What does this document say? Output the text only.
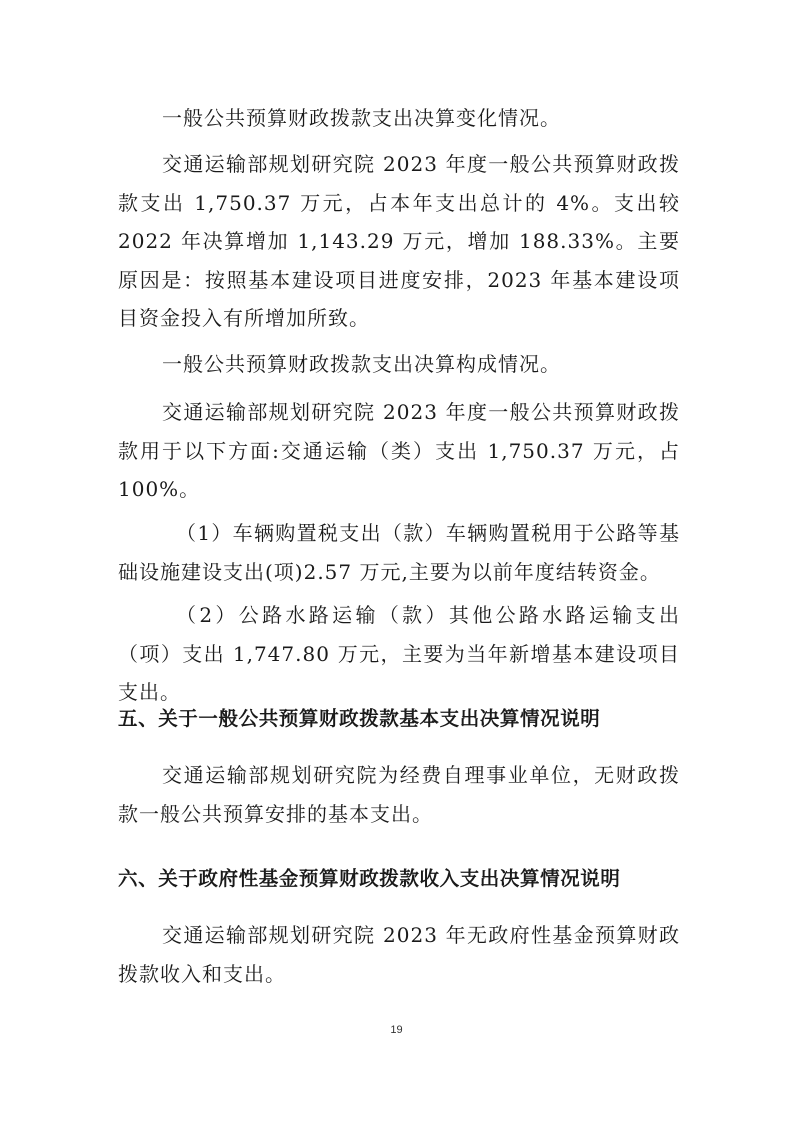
一般公共预算财政拨款支出决算变化情况。

交通运输部规划研究院 2023 年度一般公共预算财政拨款支出 1,750.37 万元，占本年支出总计的 4%。支出较 2022 年决算增加 1,143.29 万元，增加 188.33%。主要原因是：按照基本建设项目进度安排，2023 年基本建设项目资金投入有所增加所致。

一般公共预算财政拨款支出决算构成情况。

交通运输部规划研究院 2023 年度一般公共预算财政拨款用于以下方面:交通运输（类）支出 1,750.37 万元，占 100%。

（1）车辆购置税支出（款）车辆购置税用于公路等基础设施建设支出(项)2.57 万元,主要为以前年度结转资金。

（2）公路水路运输（款）其他公路水路运输支出（项）支出 1,747.80 万元，主要为当年新增基本建设项目支出。

五、关于一般公共预算财政拨款基本支出决算情况说明

交通运输部规划研究院为经费自理事业单位，无财政拨款一般公共预算安排的基本支出。

六、关于政府性基金预算财政拨款收入支出决算情况说明

交通运输部规划研究院 2023 年无政府性基金预算财政拨款收入和支出。

19
